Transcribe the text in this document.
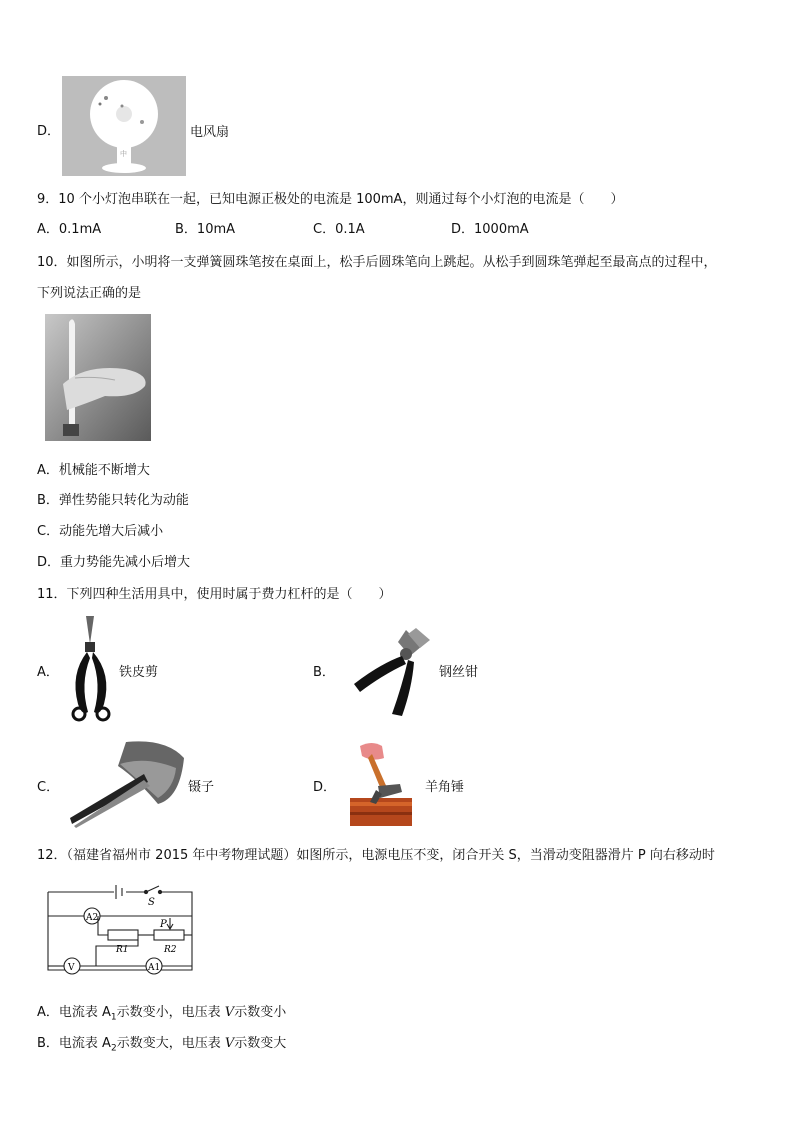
D．
中
电风扇
9．10 个小灯泡串联在一起，已知电源正极处的电流是 100mA，则通过每个小灯泡的电流是（　　）
A．0.1mA	B．10mA	C．0.1A	D．1000mA
10．如图所示，小明将一支弹簧圆珠笔按在桌面上，松手后圆珠笔向上跳起。从松手到圆珠笔弹起至最高点的过程中，
下列说法正确的是
A．机械能不断增大
B．弹性势能只转化为动能
C．动能先增大后减小
D．重力势能先减小后增大
11．下列四种生活用具中，使用时属于费力杠杆的是（　　）
A．	铁皮剪	B．	钢丝钳
C．	镊子	D．	羊角锤
12．（福建省福州市 2015 年中考物理试题）如图所示，电源电压不变，闭合开关 S，当滑动变阻器滑片 P 向右移动时
S
P
R1	R2
A2
A1
V
A．电流表 $A_1$示数变小，电压表 V示数变小
B．电流表 $A_2$示数变大，电压表 V示数变大
